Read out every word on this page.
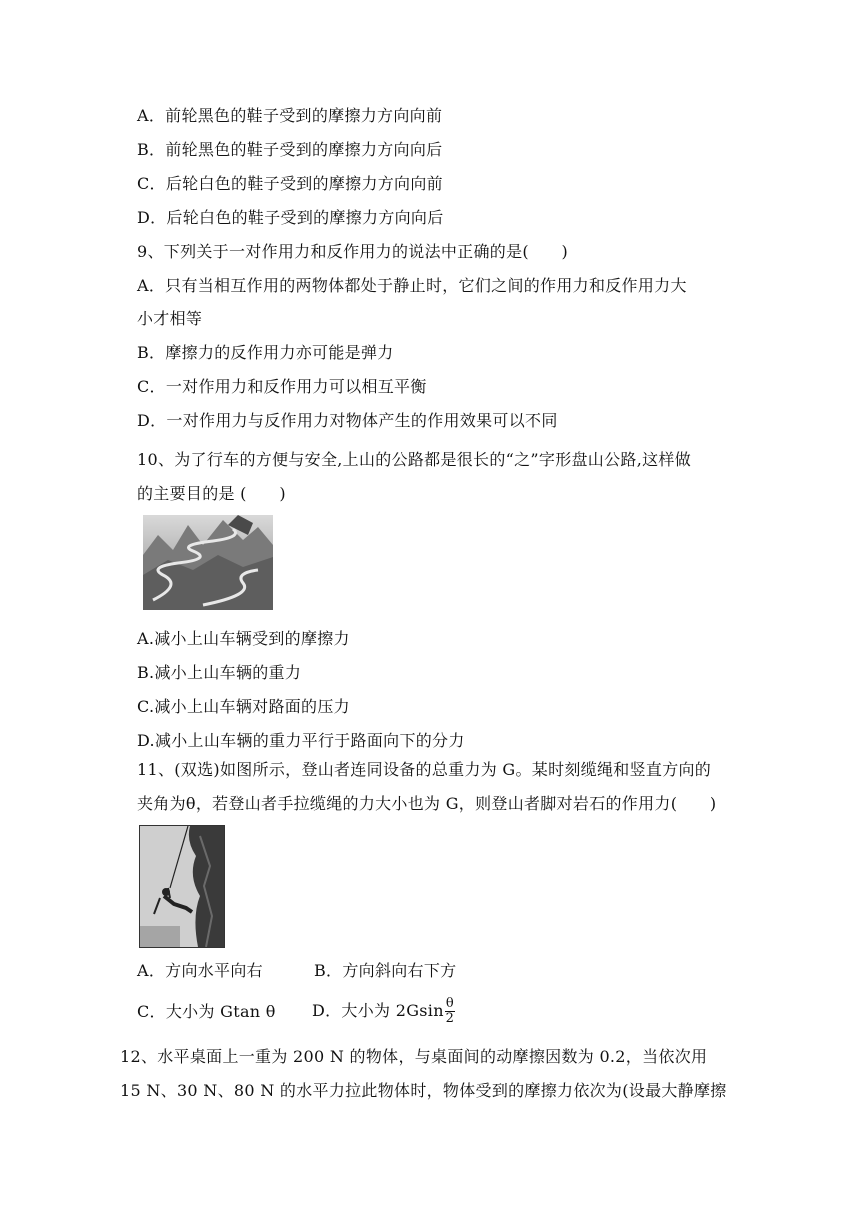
A．前轮黑色的鞋子受到的摩擦力方向向前
B．前轮黑色的鞋子受到的摩擦力方向向后
C．后轮白色的鞋子受到的摩擦力方向向前
D．后轮白色的鞋子受到的摩擦力方向向后
9、下列关于一对作用力和反作用力的说法中正确的是(　　)
A．只有当相互作用的两物体都处于静止时，它们之间的作用力和反作用力大
小才相等
B．摩擦力的反作用力亦可能是弹力
C．一对作用力和反作用力可以相互平衡
D．一对作用力与反作用力对物体产生的作用效果可以不同
10、为了行车的方便与安全,上山的公路都是很长的“之”字形盘山公路,这样做
的主要目的是 (　　)
A.减小上山车辆受到的摩擦力
B.减小上山车辆的重力
C.减小上山车辆对路面的压力
D.减小上山车辆的重力平行于路面向下的分力
11、(双选)如图所示，登山者连同设备的总重力为 G。某时刻缆绳和竖直方向的
夹角为θ，若登山者手拉缆绳的力大小也为 G，则登山者脚对岩石的作用力(　　)
A．方向水平向右	B．方向斜向右下方
C．大小为 Gtan θ D．大小为 $2Gsin \frac{\theta}{2}$
12、水平桌面上一重为 200 N 的物体，与桌面间的动摩擦因数为 0.2，当依次用
15 N、30 N、80 N 的水平力拉此物体时，物体受到的摩擦力依次为(设最大静摩擦
